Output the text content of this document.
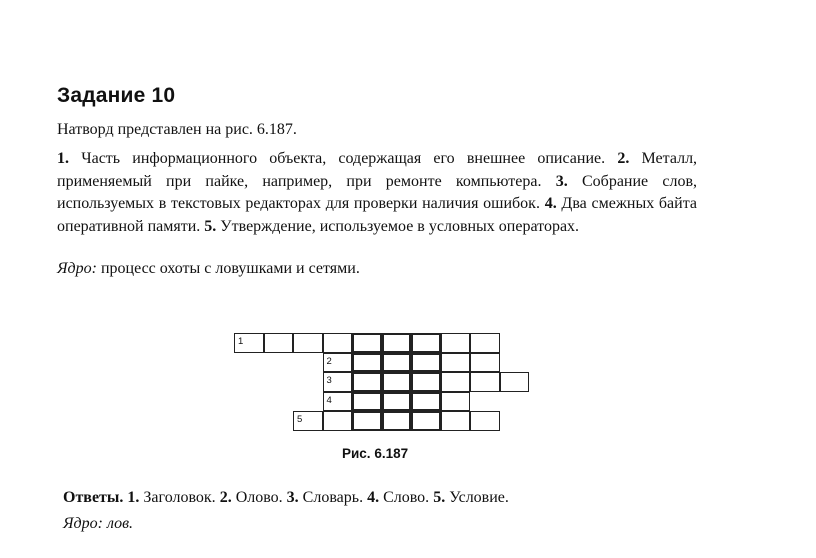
Задание 10
Натворд представлен на рис. 6.187.
1. Часть информационного объекта, содержащая его внешнее описание. 2. Металл, применяемый при пайке, например, при ремонте компьютера. 3. Собрание слов, используемых в текстовых редакторах для проверки наличия ошибок. 4. Два смежных байта оперативной памяти. 5. Утверждение, используемое в условных операторах.
Ядро: процесс охоты с ловушками и сетями.
1
2
3
4
5
Рис. 6.187
Ответы. 1. Заголовок. 2. Олово. 3. Словарь. 4. Слово. 5. Условие.
Ядро: лов.
